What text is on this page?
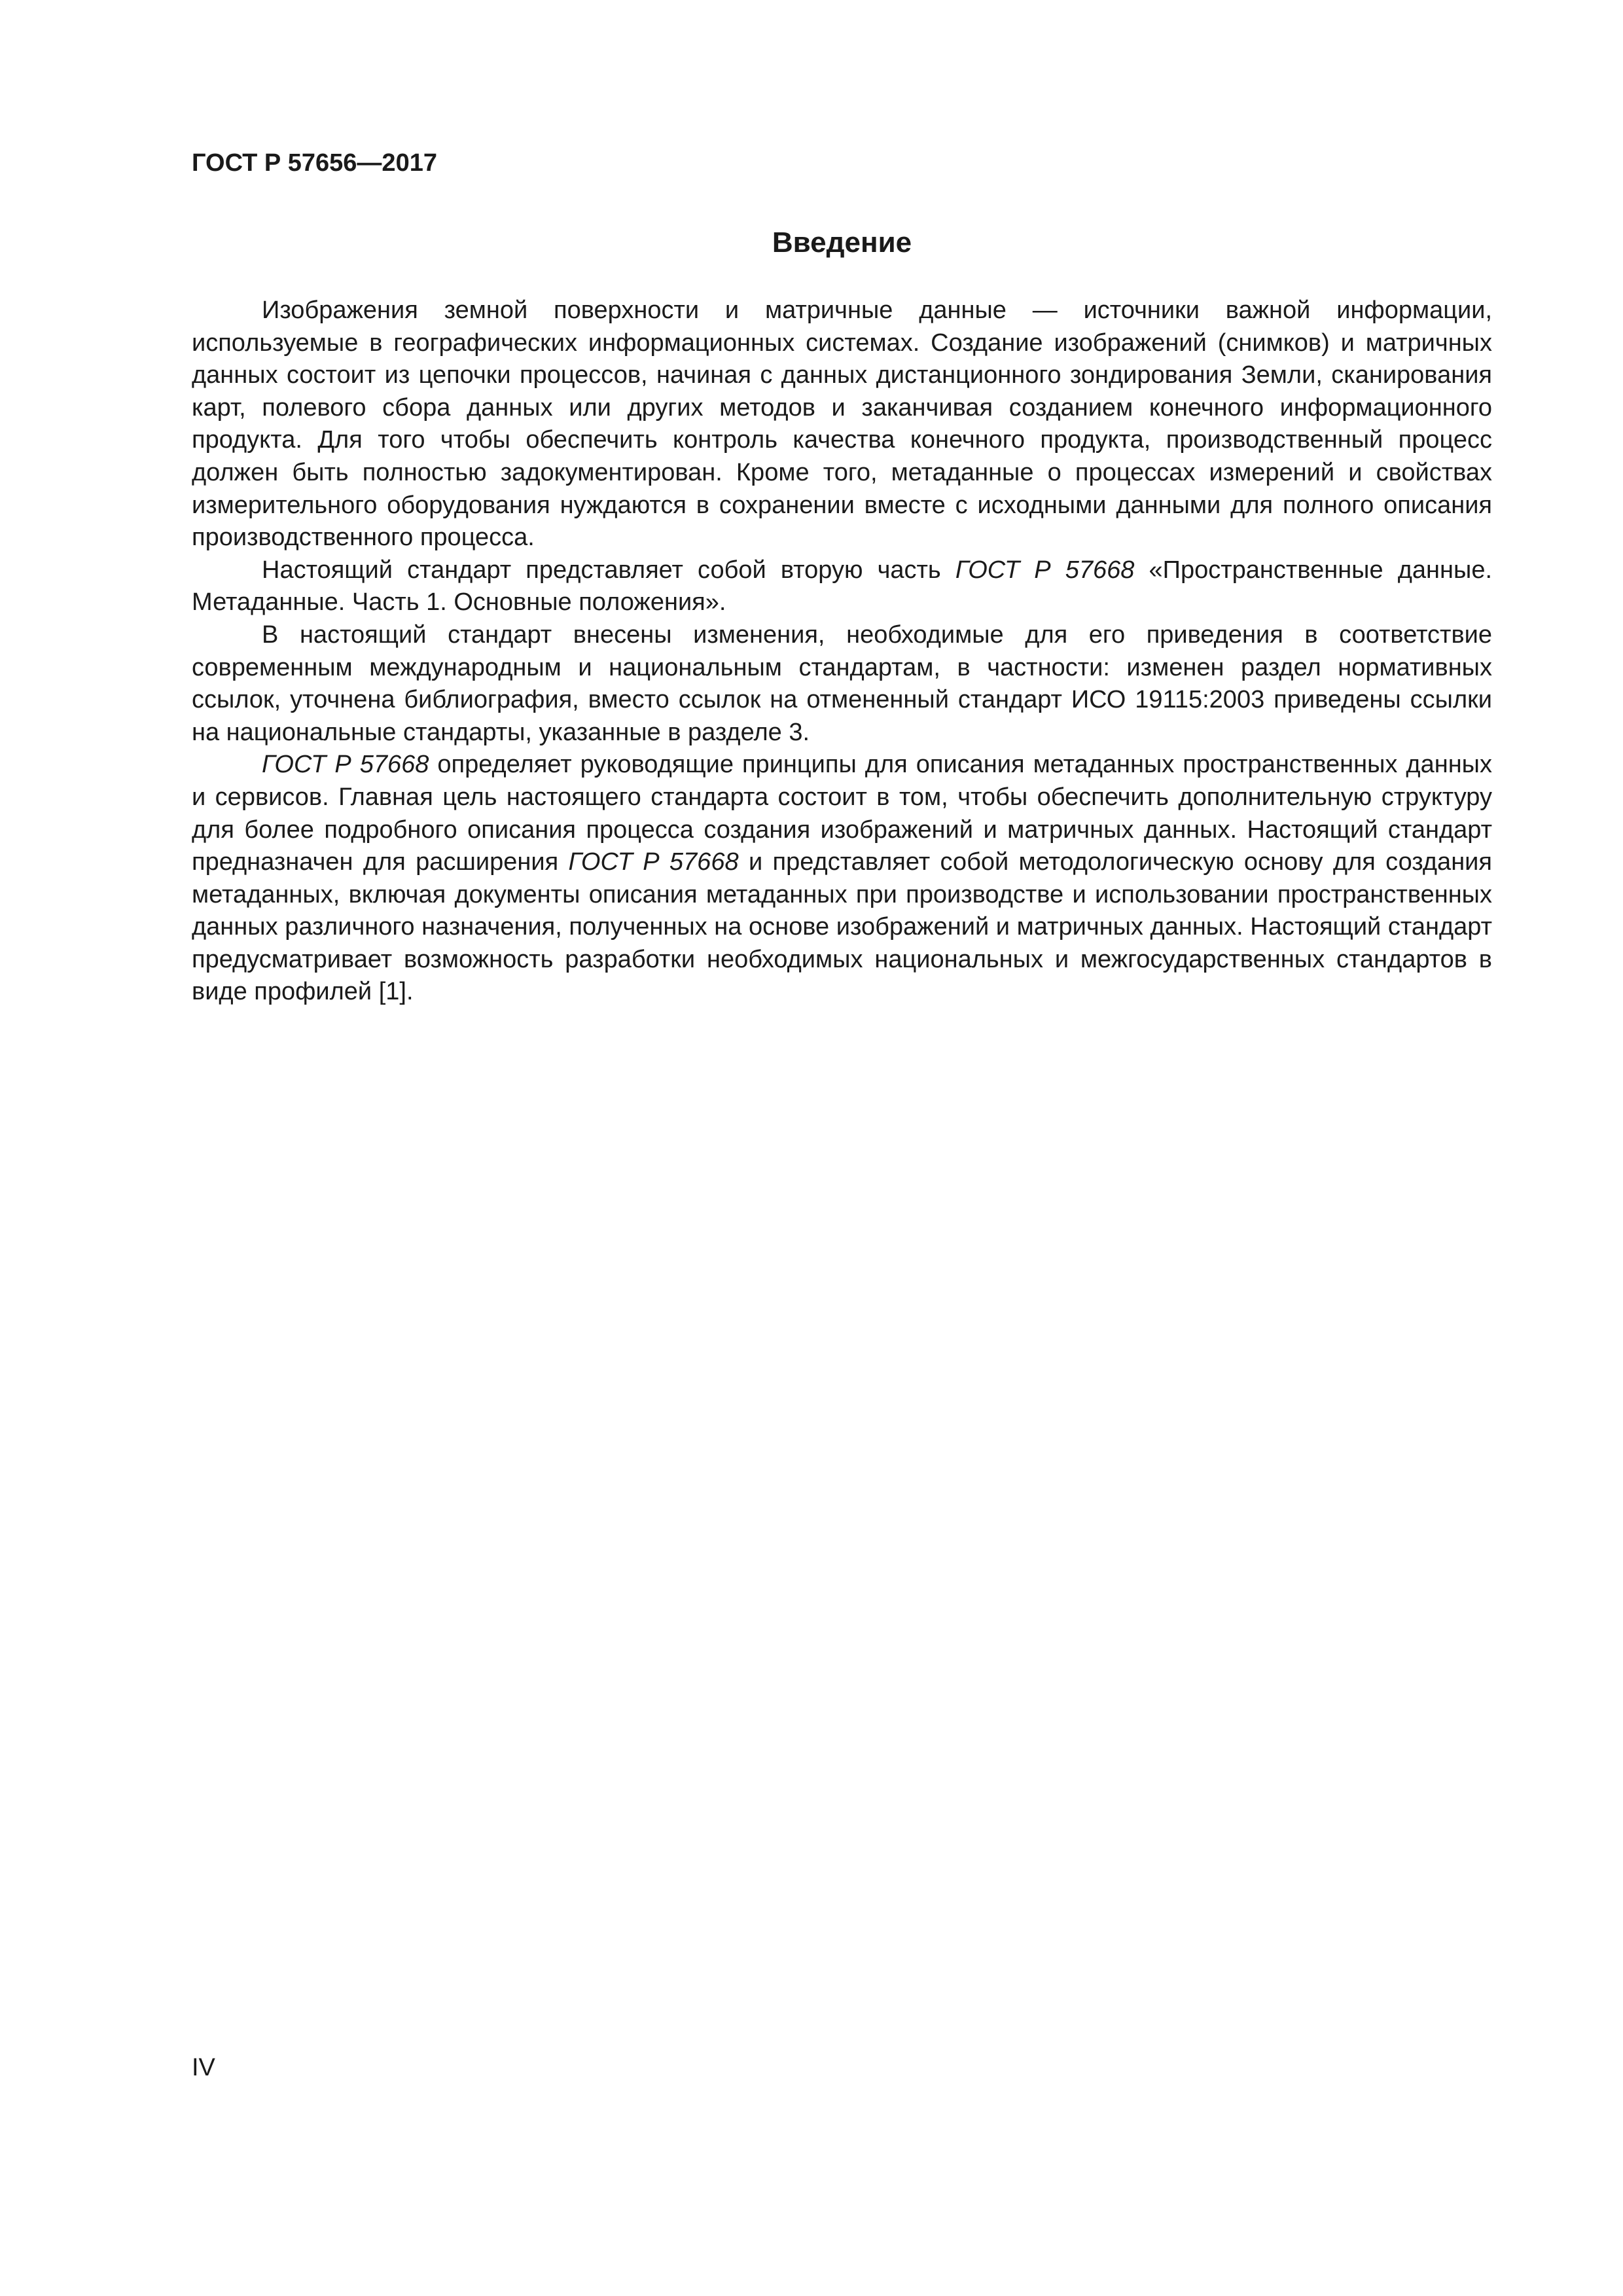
ГОСТ Р 57656—2017
Введение

Изображения земной поверхности и матричные данные — источники важной информации, используемые в географических информационных системах. Создание изображений (снимков) и матричных данных состоит из цепочки процессов, начиная с данных дистанционного зондирования Земли, сканирования карт, полевого сбора данных или других методов и заканчивая созданием конечного информационного продукта. Для того чтобы обеспечить контроль качества конечного продукта, производственный процесс должен быть полностью задокументирован. Кроме того, метаданные о процессах измерений и свойствах измерительного оборудования нуждаются в сохранении вместе с исходными данными для полного описания производственного процесса.

Настоящий стандарт представляет собой вторую часть ГОСТ Р 57668 «Пространственные данные. Метаданные. Часть 1. Основные положения».

В настоящий стандарт внесены изменения, необходимые для его приведения в соответствие современным международным и национальным стандартам, в частности: изменен раздел нормативных ссылок, уточнена библиография, вместо ссылок на отмененный стандарт ИСО 19115:2003 приведены ссылки на национальные стандарты, указанные в разделе 3.

ГОСТ Р 57668 определяет руководящие принципы для описания метаданных пространственных данных и сервисов. Главная цель настоящего стандарта состоит в том, чтобы обеспечить дополнительную структуру для более подробного описания процесса создания изображений и матричных данных. Настоящий стандарт предназначен для расширения ГОСТ Р 57668 и представляет собой методологическую основу для создания метаданных, включая документы описания метаданных при производстве и использовании пространственных данных различного назначения, полученных на основе изображений и матричных данных. Настоящий стандарт предусматривает возможность разработки необходимых национальных и межгосударственных стандартов в виде профилей [1].

IV
